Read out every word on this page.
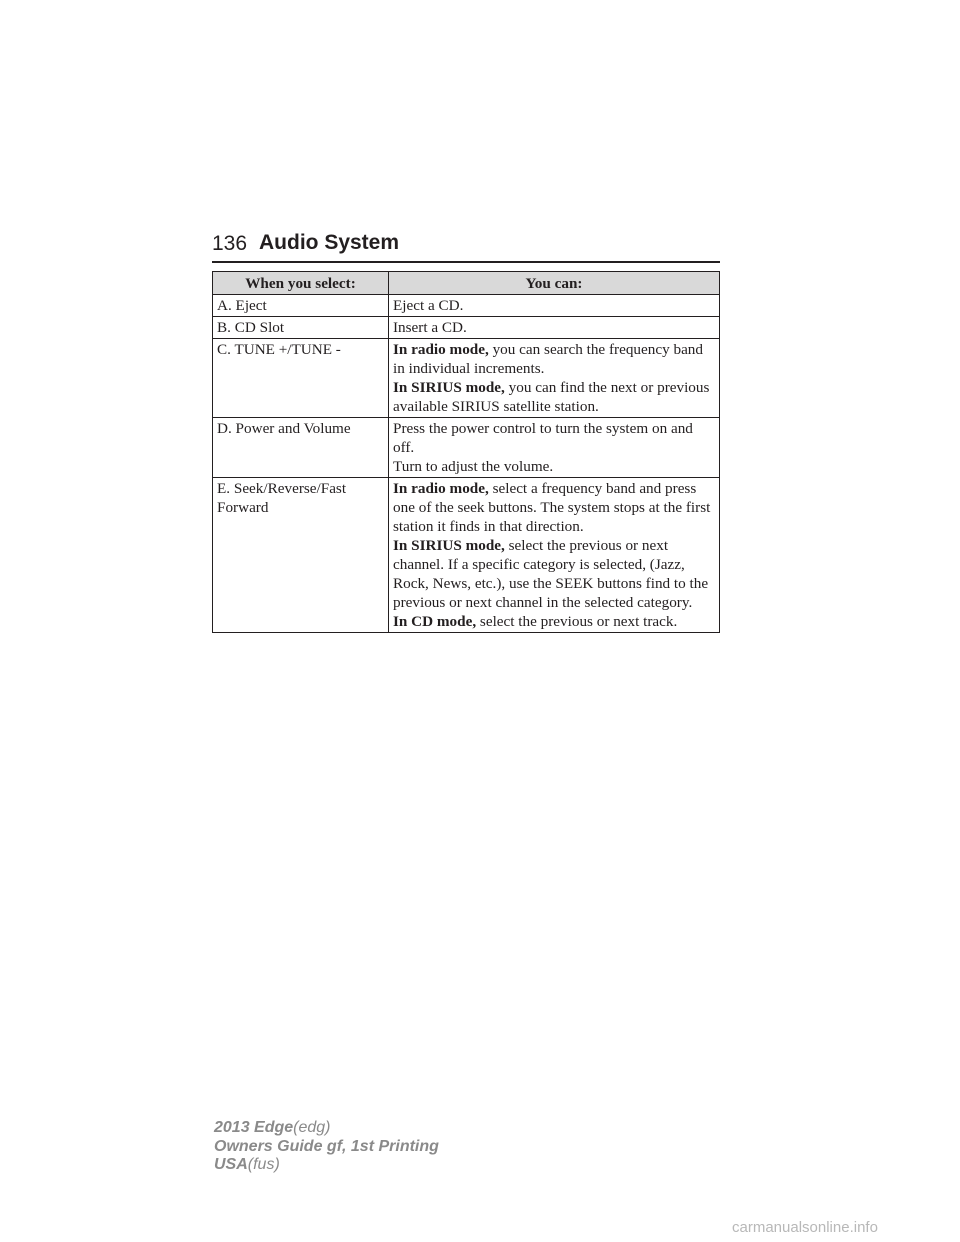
136 Audio System
When you select:	You can:
A. Eject	Eject a CD.

B. CD Slot	Insert a CD.

C. TUNE +/TUNE -	In radio mode, you can search the frequency band in individual increments.
In SIRIUS mode, you can find the next or previous available SIRIUS satellite station.

D. Power and Volume	Press the power control to turn the system on and off.
Turn to adjust the volume.

E. Seek/Reverse/Fast Forward	In radio mode, select a frequency band and press one of the seek buttons. The system stops at the first station it finds in that direction.
In SIRIUS mode, select the previous or next channel. If a specific category is selected, (Jazz, Rock, News, etc.), use the SEEK buttons find to the previous or next channel in the selected category.
In CD mode, select the previous or next track.
2013 Edge(edg)
Owners Guide gf, 1st Printing
USA(fus)
carmanualsonline.info
